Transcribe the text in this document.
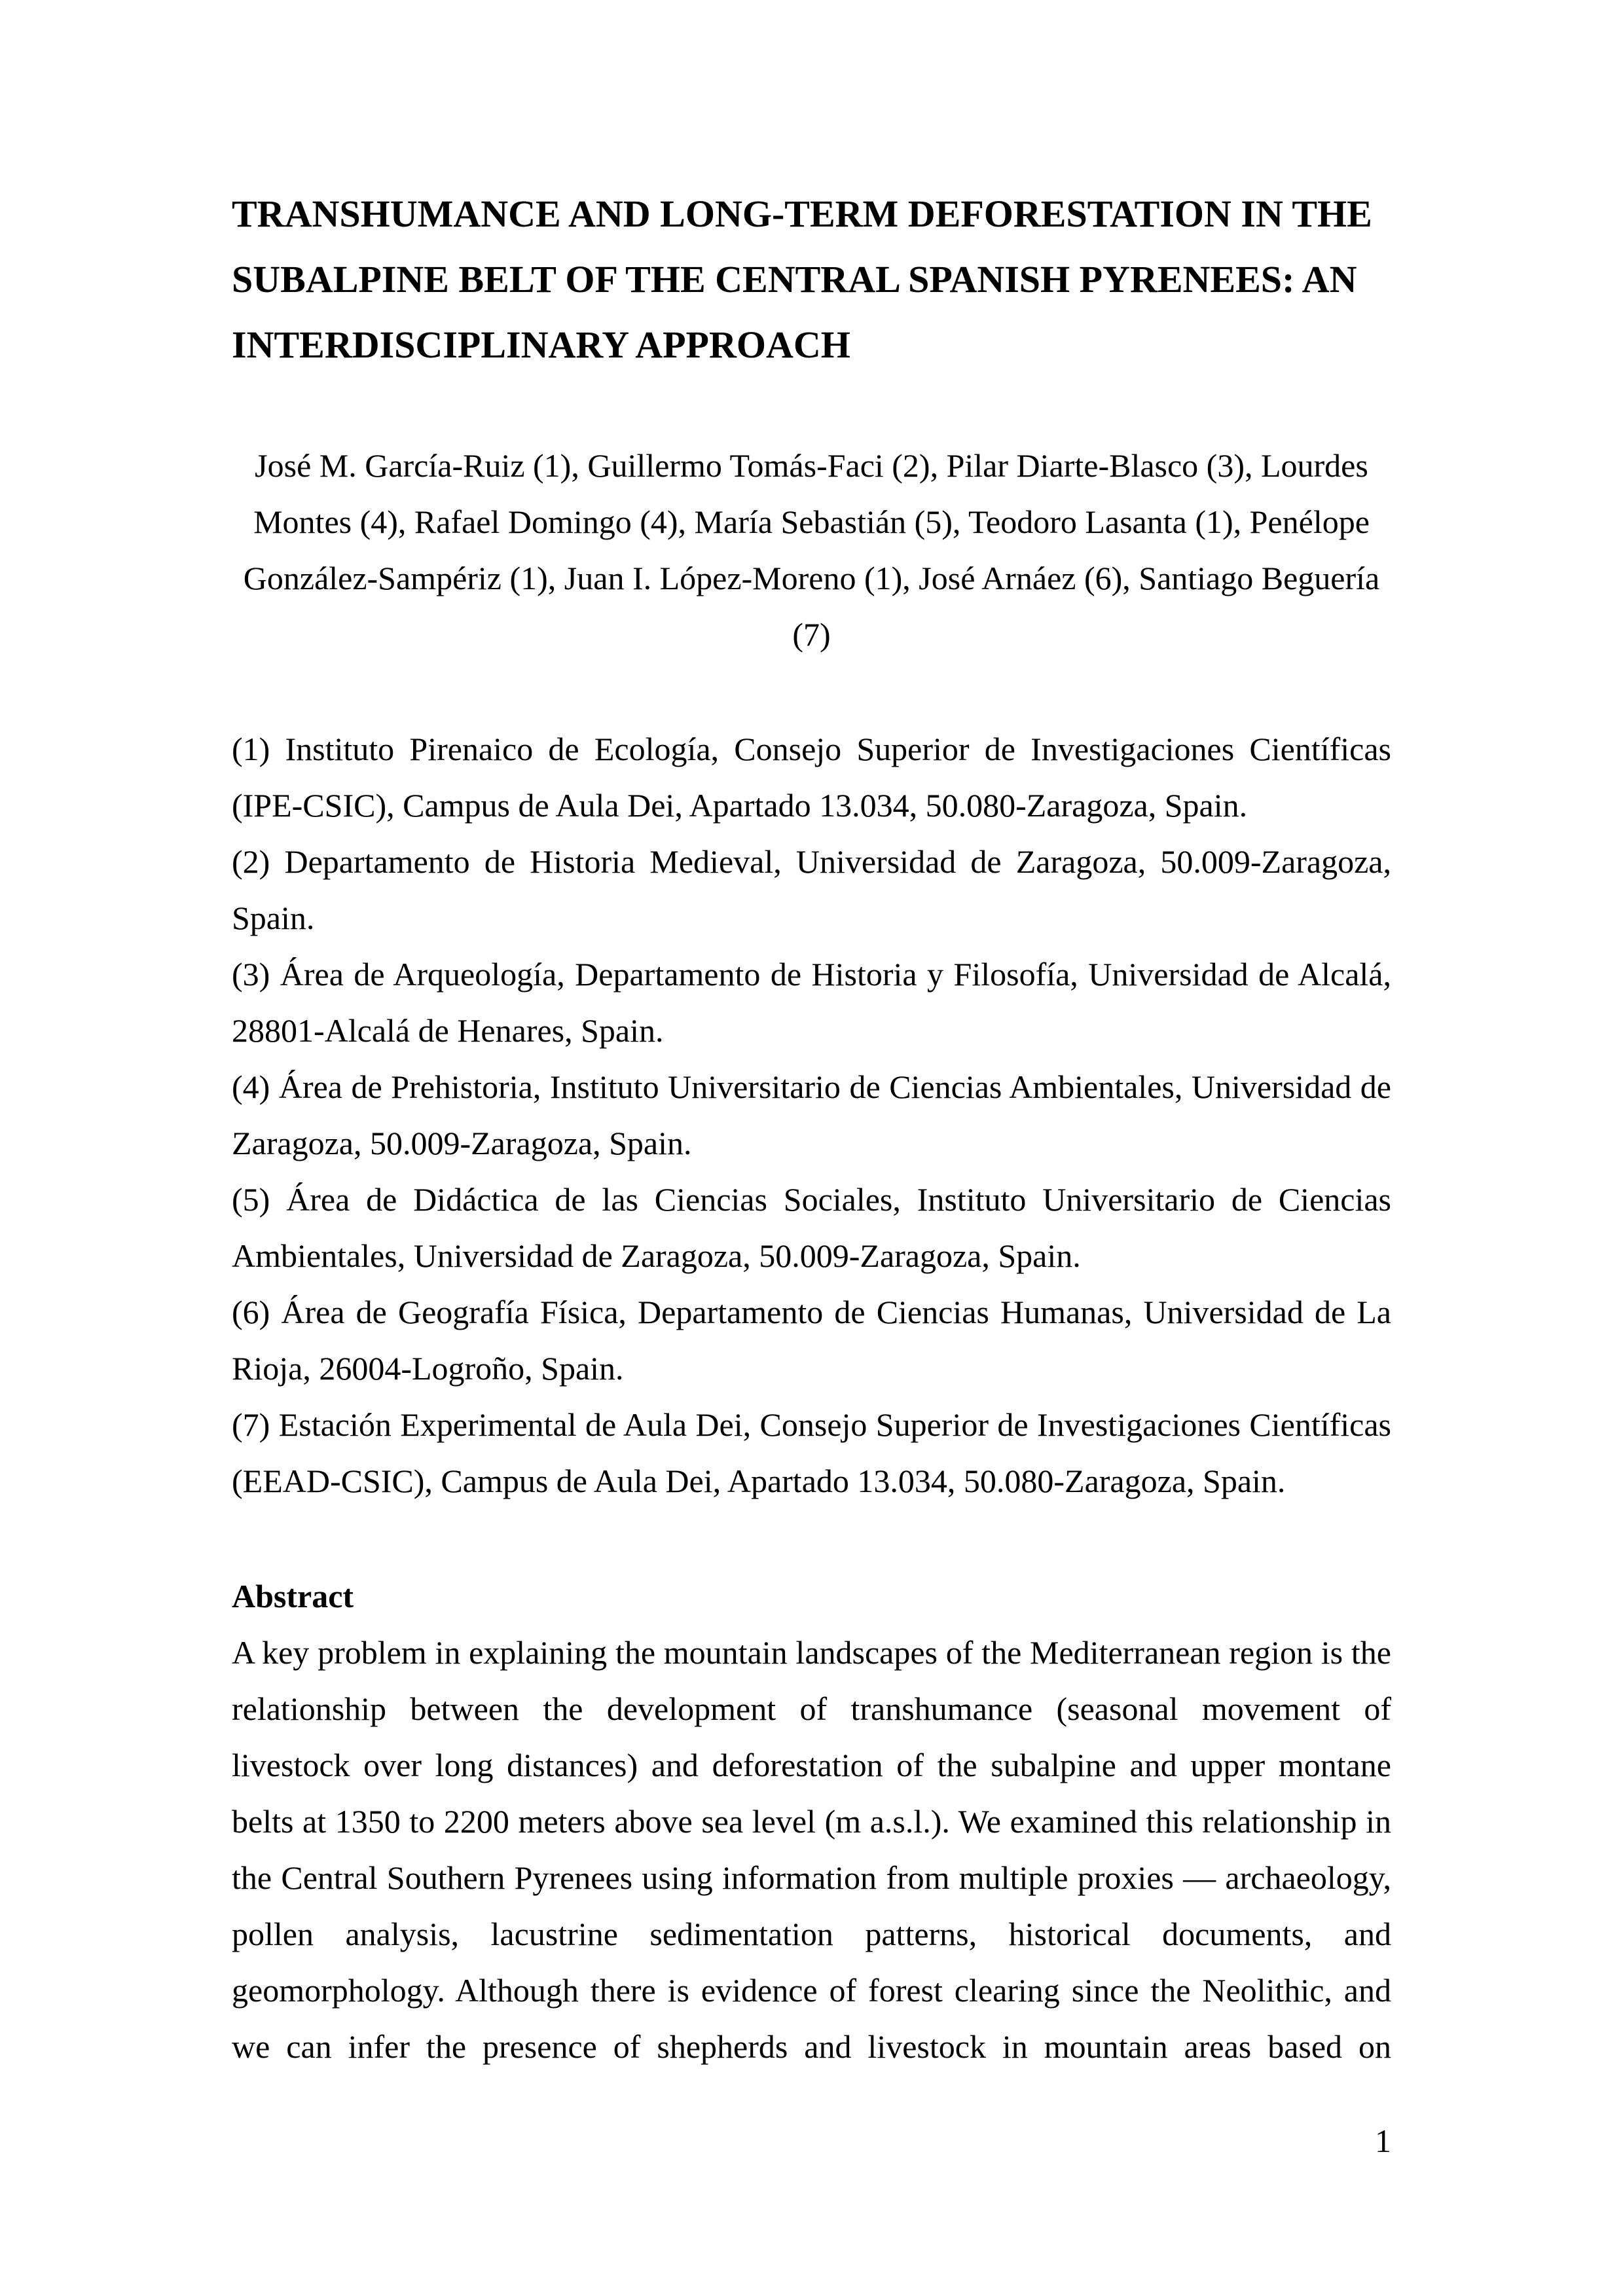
TRANSHUMANCE AND LONG-TERM DEFORESTATION IN THE
SUBALPINE BELT OF THE CENTRAL SPANISH PYRENEES: AN
INTERDISCIPLINARY APPROACH
José M. García-Ruiz (1), Guillermo Tomás-Faci (2), Pilar Diarte-Blasco (3), Lourdes
Montes (4), Rafael Domingo (4), María Sebastián (5), Teodoro Lasanta (1), Penélope
González-Sampériz (1), Juan I. López-Moreno (1), José Arnáez (6), Santiago Beguería
(7)
(1) Instituto Pirenaico de Ecología, Consejo Superior de Investigaciones Científicas
(IPE-CSIC), Campus de Aula Dei, Apartado 13.034, 50.080-Zaragoza, Spain.
(2) Departamento de Historia Medieval, Universidad de Zaragoza, 50.009-Zaragoza,
Spain.
(3) Área de Arqueología, Departamento de Historia y Filosofía, Universidad de Alcalá,
28801-Alcalá de Henares, Spain.
(4) Área de Prehistoria, Instituto Universitario de Ciencias Ambientales, Universidad de
Zaragoza, 50.009-Zaragoza, Spain.
(5) Área de Didáctica de las Ciencias Sociales, Instituto Universitario de Ciencias
Ambientales, Universidad de Zaragoza, 50.009-Zaragoza, Spain.
(6) Área de Geografía Física, Departamento de Ciencias Humanas, Universidad de La
Rioja, 26004-Logroño, Spain.
(7) Estación Experimental de Aula Dei, Consejo Superior de Investigaciones Científicas
(EEAD-CSIC), Campus de Aula Dei, Apartado 13.034, 50.080-Zaragoza, Spain.
Abstract
A key problem in explaining the mountain landscapes of the Mediterranean region is the
relationship between the development of transhumance (seasonal movement of
livestock over long distances) and deforestation of the subalpine and upper montane
belts at 1350 to 2200 meters above sea level (m a.s.l.). We examined this relationship in
the Central Southern Pyrenees using information from multiple proxies — archaeology,
pollen analysis, lacustrine sedimentation patterns, historical documents, and
geomorphology. Although there is evidence of forest clearing since the Neolithic, and
we can infer the presence of shepherds and livestock in mountain areas based on
1
